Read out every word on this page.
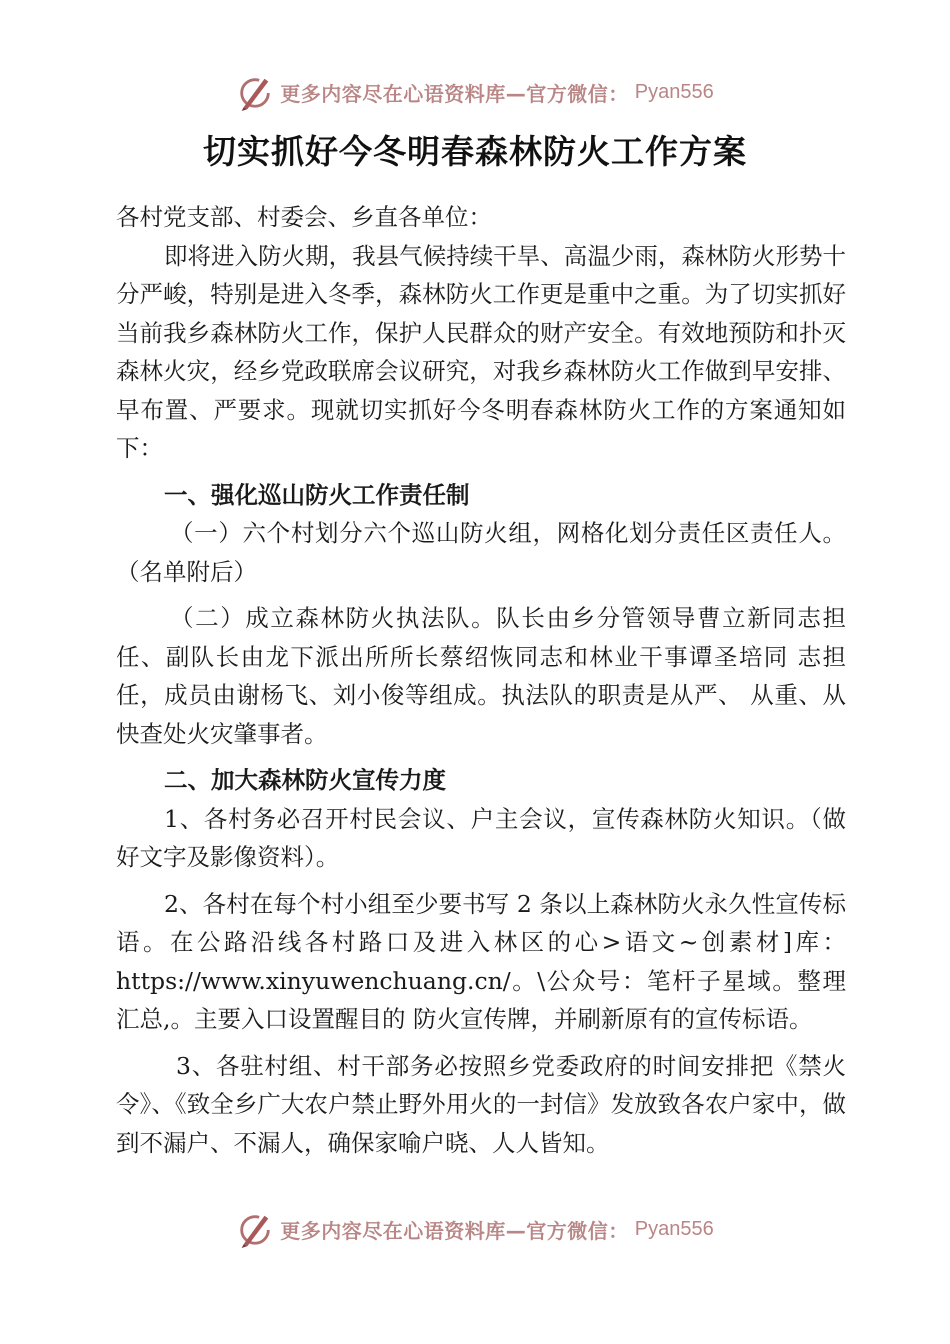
更多内容尽在心语资料库—官方微信： Pyan556
切实抓好今冬明春森林防火工作方案

各村党支部、村委会、乡直各单位：

即将进入防火期，我县气候持续干旱、高温少雨，森林防火形势十分严峻，特别是进入冬季，森林防火工作更是重中之重。为了切实抓好当前我乡森林防火工作，保护人民群众的财产安全。有效地预防和扑灭森林火灾，经乡党政联席会议研究，对我乡森林防火工作做到早安排、早布置、严要求。现就切实抓好今冬明春森林防火工作的方案通知如下：

一、强化巡山防火工作责任制

（一）六个村划分六个巡山防火组，网格化划分责任区责任人。（名单附后）

（二）成立森林防火执法队。队长由乡分管领导曹立新同志担任、副队长由龙下派出所所长蔡绍恢同志和林业干事谭圣培同 志担任，成员由谢杨飞、刘小俊等组成。执法队的职责是从严、 从重、从快查处火灾肇事者。

二、加大森林防火宣传力度

1、各村务必召开村民会议、户主会议，宣传森林防火知识。（做好文字及影像资料）。

2、各村在每个村小组至少要书写 2 条以上森林防火永久性宣传标语。在公路沿线各村路口及进入林区的心>语文~创素材]库：https://www.xinyuwenchuang.cn/。\公众号：笔杆子星域。整理汇总,。主要入口设置醒目的 防火宣传牌，并刷新原有的宣传标语。

3、各驻村组、村干部务必按照乡党委政府的时间安排把《禁火令》、《致全乡广大农户禁止野外用火的一封信》发放致各农户家中，做到不漏户、不漏人，确保家喻户晓、人人皆知。

更多内容尽在心语资料库—官方微信： Pyan556
